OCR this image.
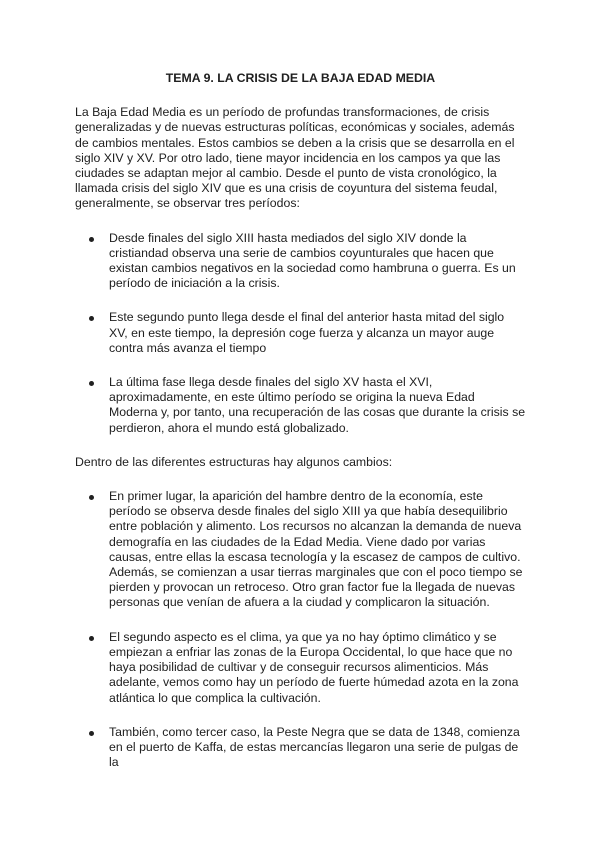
TEMA 9. LA CRISIS DE LA BAJA EDAD MEDIA

La Baja Edad Media es un período de profundas transformaciones, de crisis generalizadas y de nuevas estructuras políticas, económicas y sociales, además de cambios mentales. Estos cambios se deben a la crisis que se desarrolla en el siglo XIV y XV. Por otro lado, tiene mayor incidencia en los campos ya que las ciudades se adaptan mejor al cambio. Desde el punto de vista cronológico, la llamada crisis del siglo XIV que es una crisis de coyuntura del sistema feudal, generalmente, se observar tres períodos:

Desde finales del siglo XIII hasta mediados del siglo XIV donde la cristiandad observa una serie de cambios coyunturales que hacen que existan cambios negativos en la sociedad como hambruna o guerra. Es un período de iniciación a la crisis.
Este segundo punto llega desde el final del anterior hasta mitad del siglo XV, en este tiempo, la depresión coge fuerza y alcanza un mayor auge contra más avanza el tiempo
La última fase llega desde finales del siglo XV hasta el XVI, aproximadamente, en este último período se origina la nueva Edad Moderna y, por tanto, una recuperación de las cosas que durante la crisis se perdieron, ahora el mundo está globalizado.

Dentro de las diferentes estructuras hay algunos cambios:

En primer lugar, la aparición del hambre dentro de la economía, este período se observa desde finales del siglo XIII ya que había desequilibrio entre población y alimento. Los recursos no alcanzan la demanda de nueva demografía en las ciudades de la Edad Media. Viene dado por varias causas, entre ellas la escasa tecnología y la escasez de campos de cultivo. Además, se comienzan a usar tierras marginales que con el poco tiempo se pierden y provocan un retroceso. Otro gran factor fue la llegada de nuevas personas que venían de afuera a la ciudad y complicaron la situación.
El segundo aspecto es el clima, ya que ya no hay óptimo climático y se empiezan a enfriar las zonas de la Europa Occidental, lo que hace que no haya posibilidad de cultivar y de conseguir recursos alimenticios. Más adelante, vemos como hay un período de fuerte húmedad azota en la zona atlántica lo que complica la cultivación.
También, como tercer caso, la Peste Negra que se data de 1348, comienza en el puerto de Kaffa, de estas mercancías llegaron una serie de pulgas de la
